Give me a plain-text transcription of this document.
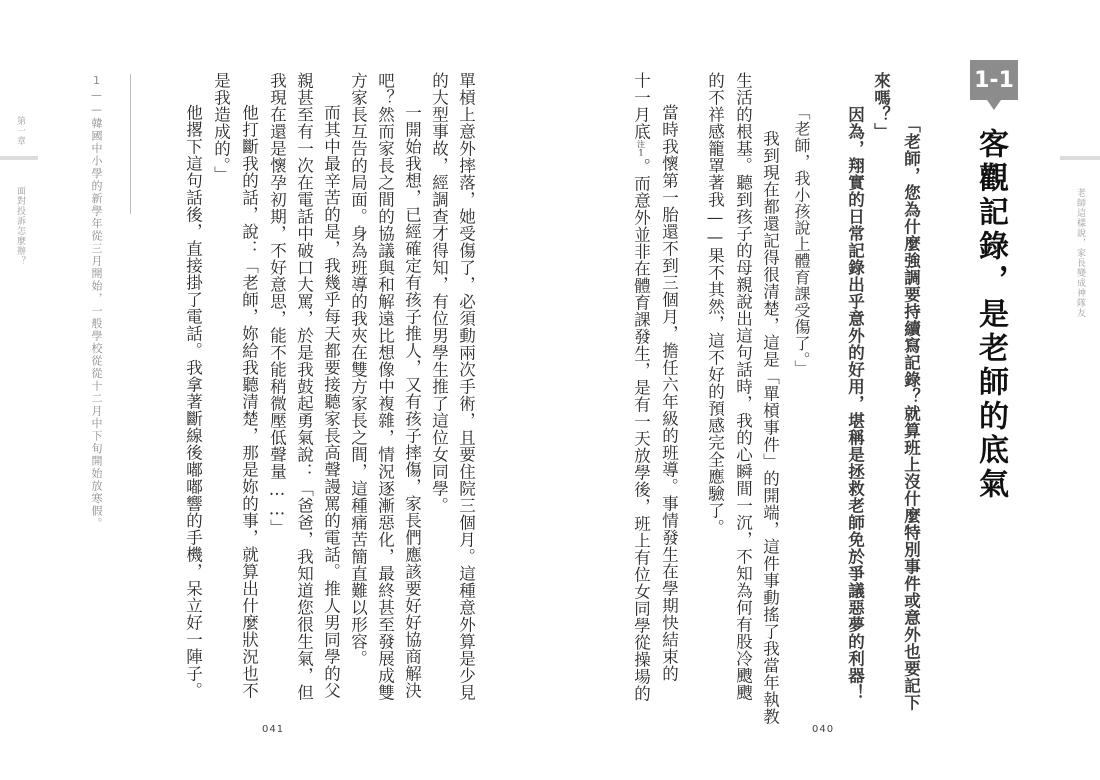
老師這樣說，家長變成神隊友
1-1
客觀記錄，是老師的底氣
「老師，您為什麼強調要持續寫記錄？就算班上沒什麼特別事件或意外也要記下
來嗎？」
因為，翔實的日常記錄出乎意外的好用，堪稱是拯救老師免於爭議惡夢的利器！
「老師，我小孩說上體育課受傷了。」
我到現在都還記得很清楚，這是「單槓事件」的開端，這件事動搖了我當年執教
生活的根基。聽到孩子的母親說出這句話時，我的心瞬間一沉，不知為何有股冷颼颼
的不祥感籠罩著我——果不其然，這不好的預感完全應驗了。
當時我懷第一胎還不到三個月，擔任六年級的班導。事情發生在學期快結束的
十一月底注1。而意外並非在體育課發生，是有一天放學後，班上有位女同學從操場的
040
單槓上意外摔落，她受傷了，必須動兩次手術，且要住院三個月。這種意外算是少見
的大型事故，經調查才得知，有位男學生推了這位女同學。
一開始我想，已經確定有孩子推人，又有孩子摔傷，家長們應該要好好協商解決
吧？然而家長之間的協議與和解遠比想像中複雜，情況逐漸惡化，最終甚至發展成雙
方家長互告的局面。身為班導的我夾在雙方家長之間，這種痛苦簡直難以形容。
而其中最辛苦的是，我幾乎每天都要接聽家長高聲謾罵的電話。推人男同學的父
親甚至有一次在電話中破口大罵，於是我鼓起勇氣說：「爸爸，我知道您很生氣，但
我現在還是懷孕初期，不好意思，能不能稍微壓低聲量……」
他打斷我的話，說：「老師，妳給我聽清楚，那是妳的事，就算出什麼狀況也不
是我造成的。」
他撂下這句話後，直接掛了電話。我拿著斷線後嘟嘟響的手機，呆立好一陣子。
1——韓國中小學的新學年從三月開始，一般學校從從十二月中下旬開始放寒假。
第一章
面對投訴怎麼辦？
041
